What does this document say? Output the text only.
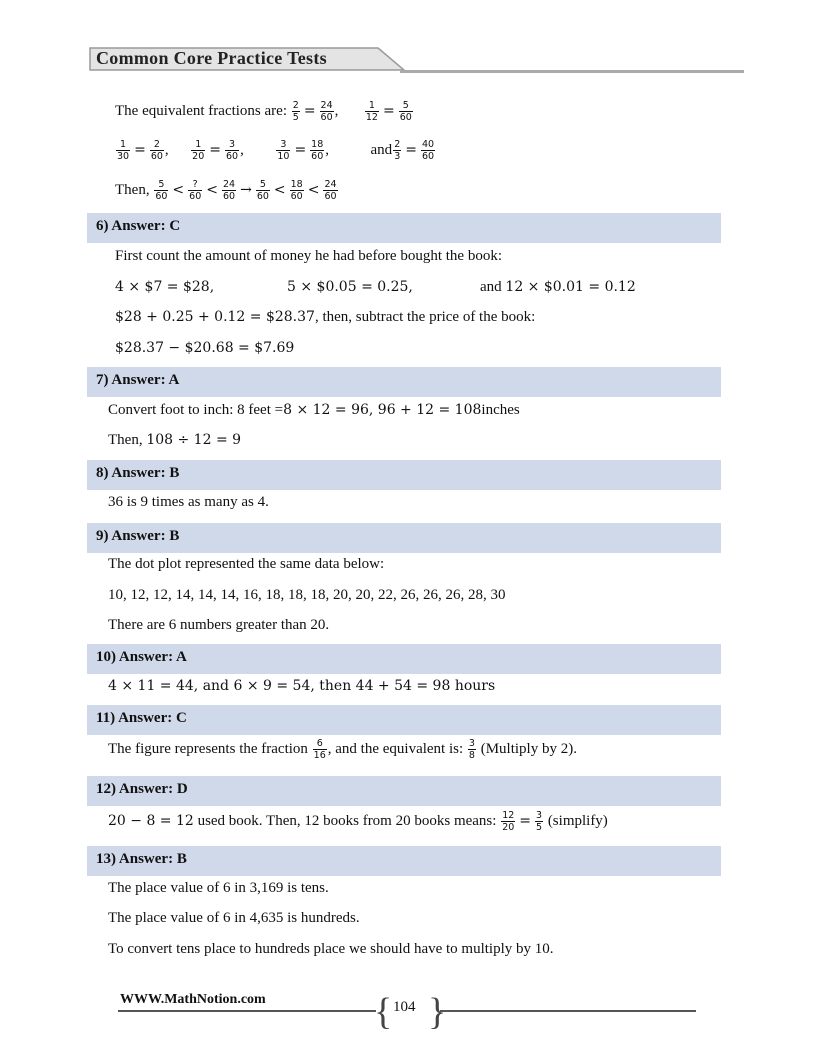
Common Core Practice Tests
The equivalent fractions are: $\frac{2}{5} = \frac{24}{60}$ , $\frac{1}{12} = \frac{5}{60}$
$\frac{1}{30} = \frac{2}{60}$ , $\frac{1}{20} = \frac{3}{60}$ ,	$\frac{3}{10} = \frac{18}{60}$ ,  and $\frac{2}{3} = \frac{40}{60}$
Then, $\frac{5}{60} < \frac{?}{60} < \frac{24}{60} \to \frac{5}{60} < \frac{18}{60} < \frac{24}{60}$
6) Answer: C
First count the amount of money he had before bought the book:
4 × $7 = $28,	5 × $0.05 = 0.25,	and 12 × $0.01 = 0.12
$28 + 0.25 + 0.12 = $28.37, then, subtract the price of the book:
$28.37 − $20.68 = $7.69
7) Answer: A
Convert foot to inch: 8 feet =8 × 12 = 96, 96 + 12 = 108inches
Then, 108 ÷ 12 = 9
8) Answer: B
36 is 9 times as many as 4.
9) Answer: B
The dot plot represented the same data below:
10, 12, 12, 14, 14, 14, 16, 18, 18, 18, 20, 20, 22, 26, 26, 26, 28, 30
There are 6 numbers greater than 20.
10) Answer: A
4 × 11 = 44, and 6 × 9 = 54, then 44 + 54 = 98 hours
11) Answer: C
The figure represents the fraction $\frac{6}{16}$ , and the equivalent is: $\frac{3}{8}$ (Multiply by 2).
12) Answer: D
20 − 8 = 12 used book. Then, 12 books from 20 books means: $\frac{12}{20} = \frac{3}{5}$ (simplify)
13) Answer: B
The place value of 6 in 3,169 is tens.
The place value of 6 in 4,635 is hundreds.
To convert tens place to hundreds place we should have to multiply by 10.
WWW.MathNotion.com	{ 104 }
